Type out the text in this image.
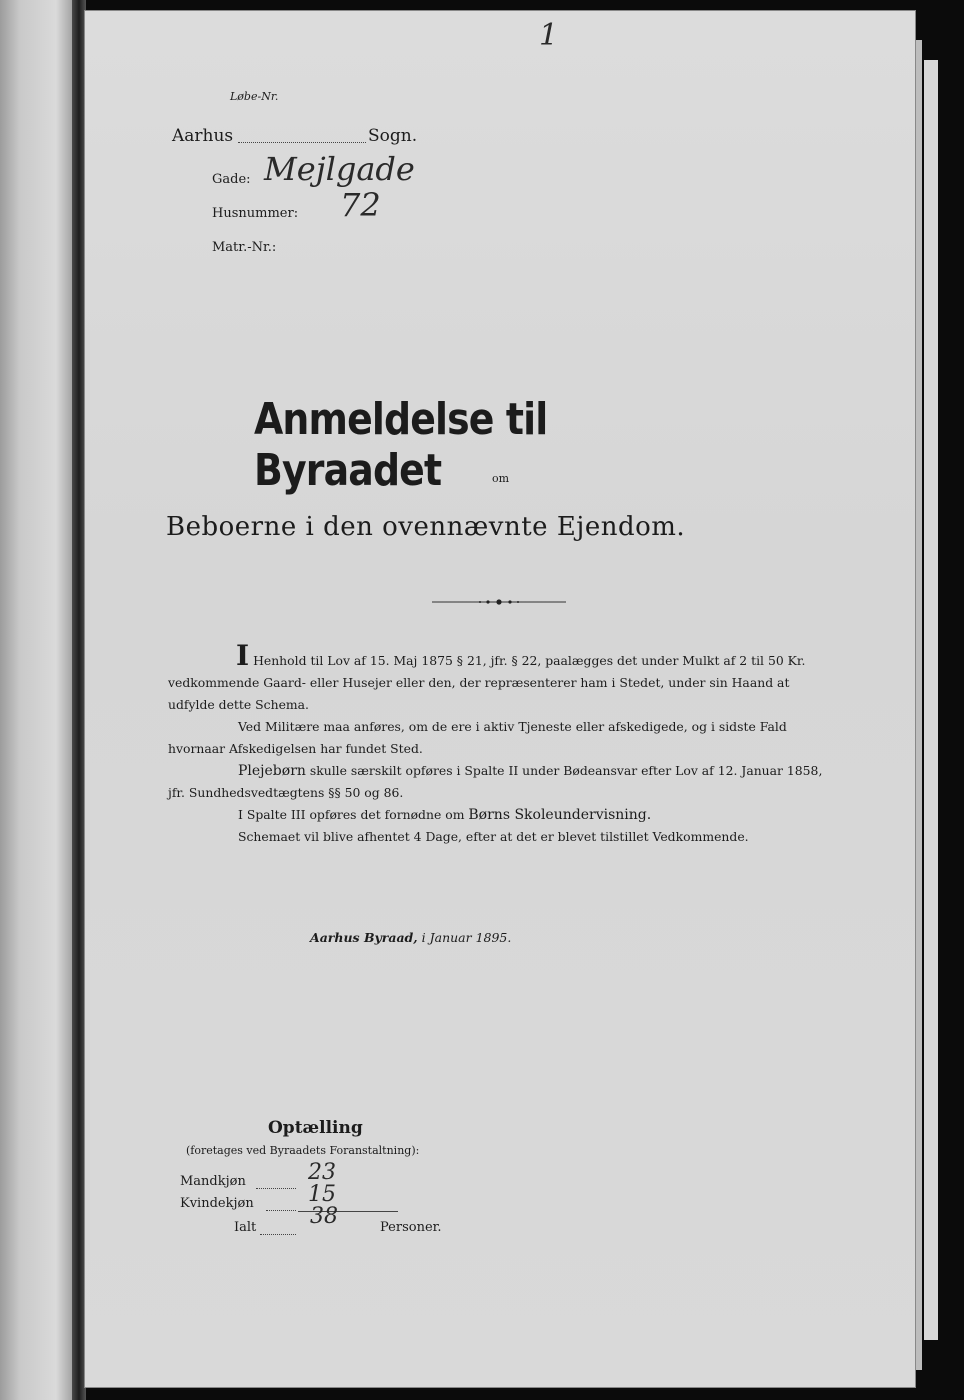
1
Løbe-Nr.
Aarhus	Sogn.
Gade: Mejlgade
Husnummer: 72
Matr.-Nr.:
Anmeldelse til Byraadet	om
Beboerne i den ovennævnte Ejendom.
I Henhold til Lov af 15. Maj 1875 § 21, jfr. § 22, paalægges det under Mulkt af 2 til 50 Kr. vedkommende Gaard- eller Husejer eller den, der repræsenterer ham i Stedet, under sin Haand at udfylde dette Schema.
Ved Militære maa anføres, om de ere i aktiv Tjeneste eller afskedigede, og i sidste Fald hvornaar Afskedigelsen har fundet Sted.
Plejebørn skulle særskilt opføres i Spalte II under Bødeansvar efter Lov af 12. Januar 1858, jfr. Sundhedsvedtægtens §§ 50 og 86.
I Spalte III opføres det fornødne om Børns Skoleundervisning.
Schemaet vil blive afhentet 4 Dage, efter at det er blevet tilstillet Vedkommende.
Aarhus Byraad, i Januar 1895.
Optælling
(foretages ved Byraadets Foranstaltning):
Mandkjøn	23
Kvindekjøn 15
Ialt 38	Personer.
